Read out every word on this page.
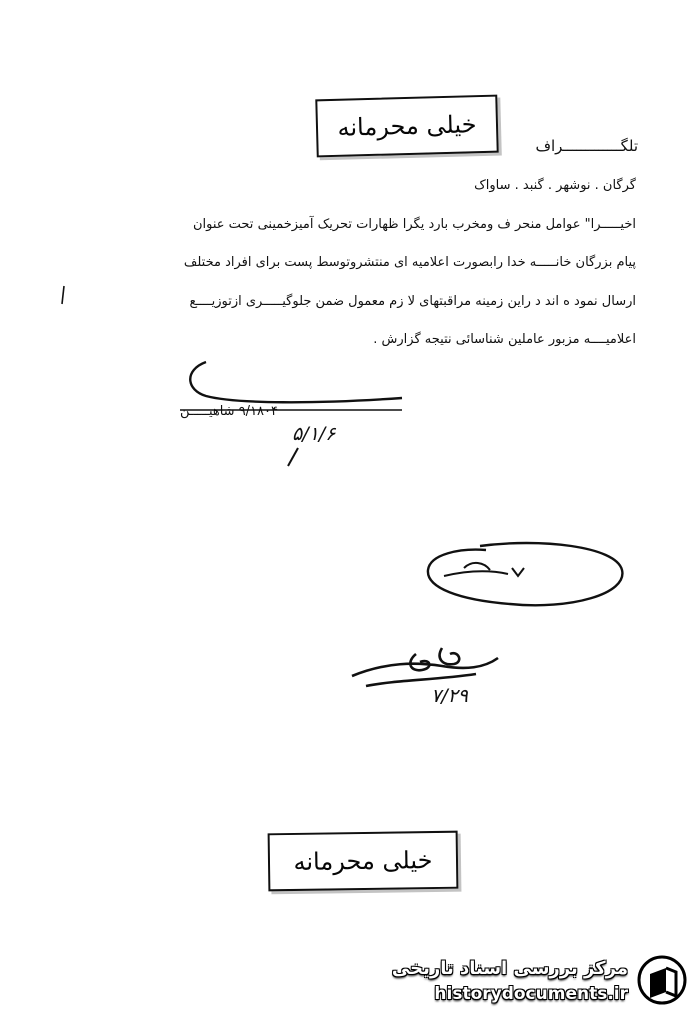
خیلی محرمانه
تلگـــــــــــــراف
گرگان . نوشهر . گنبد . ساواک
اخیـــــرا" عوامل منحر ف ومخرب بارد یگرا ظهارات تحریک آمیزخمینی تحت عنوان
پیام بزرگان خانـــــه خدا رابصورت اعلامیه ای منتشروتوسط پست برای افراد مختلف
ارسال نمود ه اند د راین زمینه مراقبتهای لا زم معمول ضمن جلوگیـــــری ازتوزیــــع
اعلامیــــه مزبور عاملین شناسائی نتیجه گزارش .
۹/۱۸۰۴ شاهیـــــن
۵/۱/۶
۷/۲۹
خیلی محرمانه
مرکز بررسی اسناد تاریخی
historydocuments.ir
